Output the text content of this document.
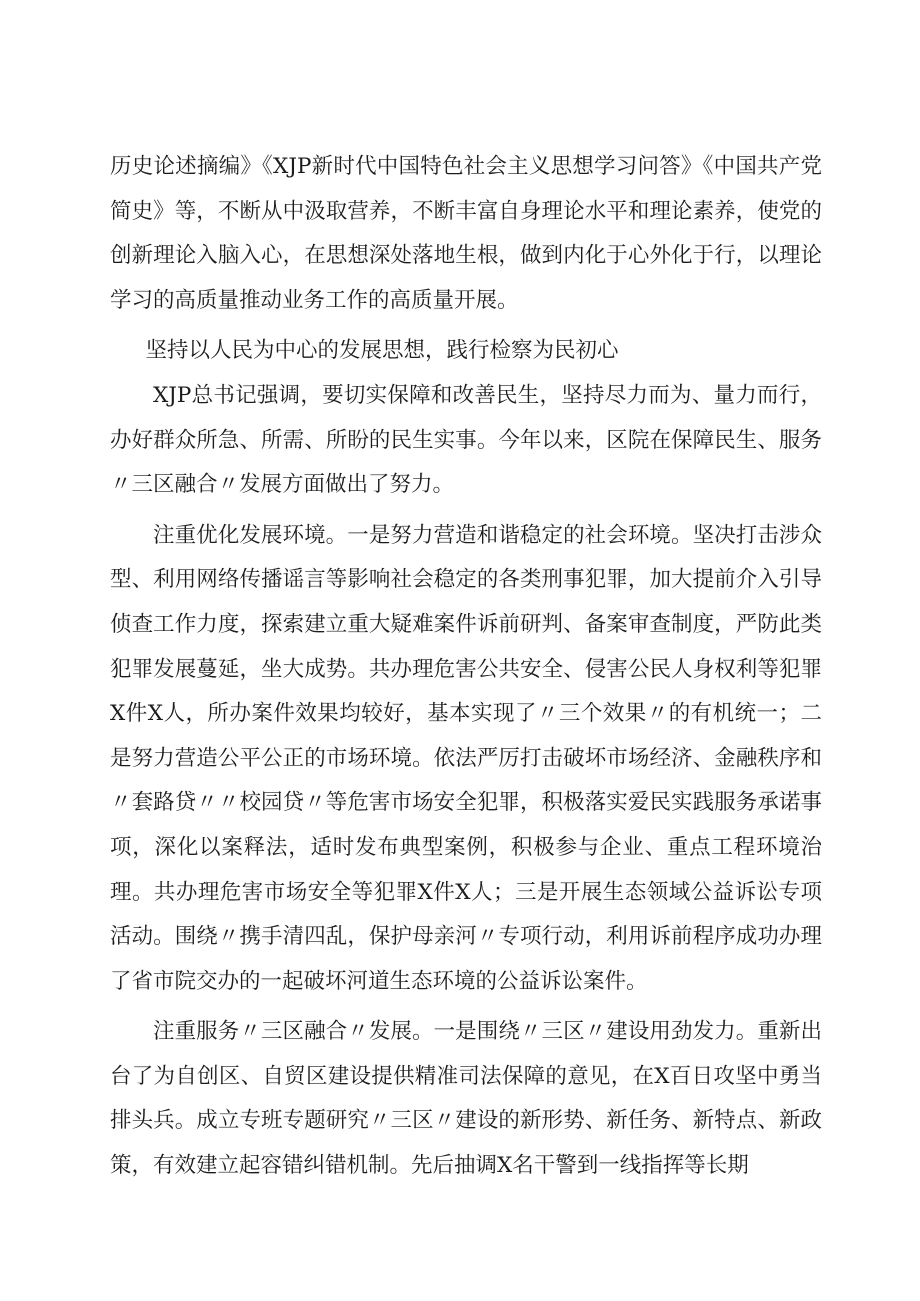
历史论述摘编》《XJP新时代中国特色社会主义思想学习问答》《中国共产党简史》等，不断从中汲取营养，不断丰富自身理论水平和理论素养，使党的创新理论入脑入心，在思想深处落地生根，做到内化于心外化于行，以理论学习的高质量推动业务工作的高质量开展。

坚持以人民为中心的发展思想，践行检察为民初心

XJP总书记强调，要切实保障和改善民生，坚持尽力而为、量力而行，办好群众所急、所需、所盼的民生实事。今年以来，区院在保障民生、服务〃三区融合〃发展方面做出了努力。

注重优化发展环境。一是努力营造和谐稳定的社会环境。坚决打击涉众型、利用网络传播谣言等影响社会稳定的各类刑事犯罪，加大提前介入引导侦查工作力度，探索建立重大疑难案件诉前研判、备案审查制度，严防此类犯罪发展蔓延，坐大成势。共办理危害公共安全、侵害公民人身权利等犯罪X件X人，所办案件效果均较好，基本实现了〃三个效果〃的有机统一；二是努力营造公平公正的市场环境。依法严厉打击破坏市场经济、金融秩序和〃套路贷〃〃校园贷〃等危害市场安全犯罪，积极落实爱民实践服务承诺事项，深化以案释法，适时发布典型案例，积极参与企业、重点工程环境治理。共办理危害市场安全等犯罪X件X人；三是开展生态领域公益诉讼专项活动。围绕〃携手清四乱，保护母亲河〃专项行动，利用诉前程序成功办理了省市院交办的一起破坏河道生态环境的公益诉讼案件。

注重服务〃三区融合〃发展。一是围绕〃三区〃建设用劲发力。重新出台了为自创区、自贸区建设提供精准司法保障的意见，在X百日攻坚中勇当排头兵。成立专班专题研究〃三区〃建设的新形势、新任务、新特点、新政策，有效建立起容错纠错机制。先后抽调X名干警到一线指挥等长期
